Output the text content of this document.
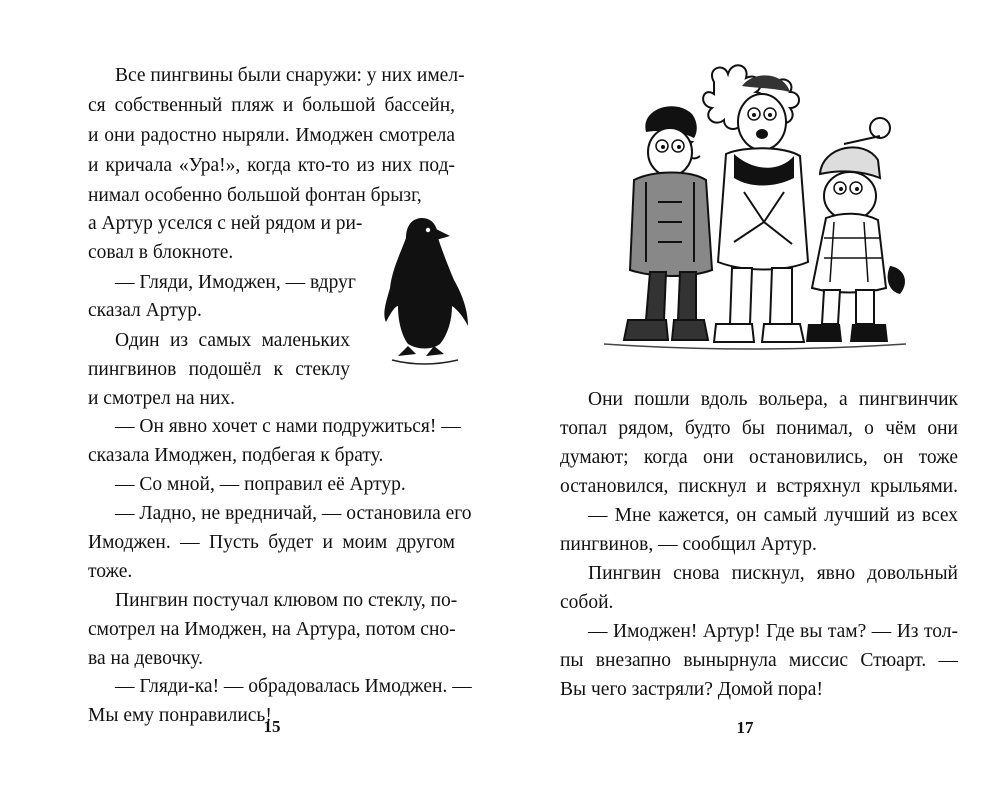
Все пингвины были снаружи: у них имел-
ся собственный пляж и большой бассейн,
и они радостно ныряли. Имоджен смотрела
и кричала «Ура!», когда кто-то из них под-
нимал особенно большой фонтан брызг,
а Артур уселся с ней рядом и ри-
совал в блокноте.
— Гляди, Имоджен, — вдруг
сказал Артур.
Один из самых маленьких
пингвинов подошёл к стеклу
и смотрел на них.
— Он явно хочет с нами подружиться! —
сказала Имоджен, подбегая к брату.
— Со мной, — поправил её Артур.
— Ладно, не вредничай, — остановила его
Имоджен. — Пусть будет и моим другом
тоже.
Пингвин постучал клювом по стеклу, по-
смотрел на Имоджен, на Артура, потом сно-
ва на девочку.
— Гляди-ка! — обрадовалась Имоджен. —
Мы ему понравились!
15
Они пошли вдоль вольера, а пингвинчик
топал рядом, будто бы понимал, о чём они
думают; когда они остановились, он тоже
остановился, пискнул и встряхнул крыльями.
— Мне кажется, он самый лучший из всех
пингвинов, — сообщил Артур.
Пингвин снова пискнул, явно довольный
собой.
— Имоджен! Артур! Где вы там? — Из тол-
пы внезапно вынырнула миссис Стюарт. —
Вы чего застряли? Домой пора!
17
